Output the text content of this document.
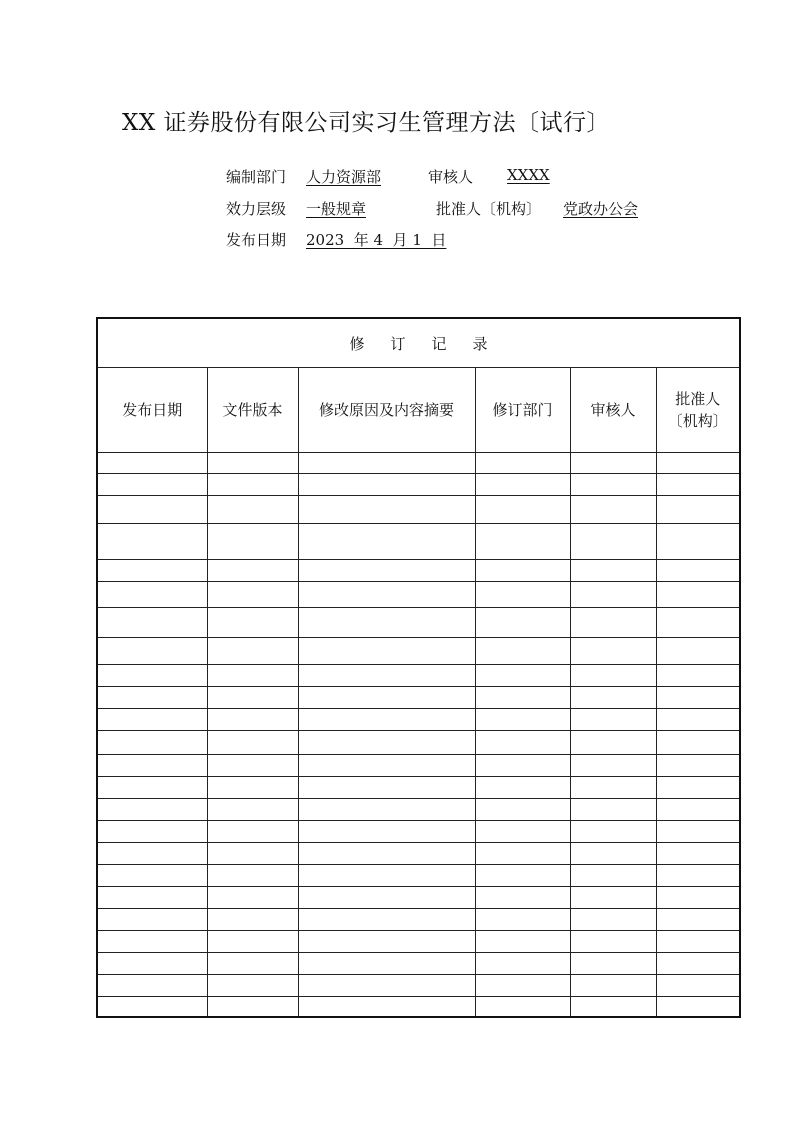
XX 证券股份有限公司实习生管理方法〔试行〕
编制部门 人力资源部	审核人 XXXX
效力层级 一般规章	批准人〔机构〕 党政办公会
发布日期 2023  年 4  月 1  日
修订记录					
发布日期	文件版本	修改原因及内容摘要	修订部门	审核人	批准人
〔机构〕
